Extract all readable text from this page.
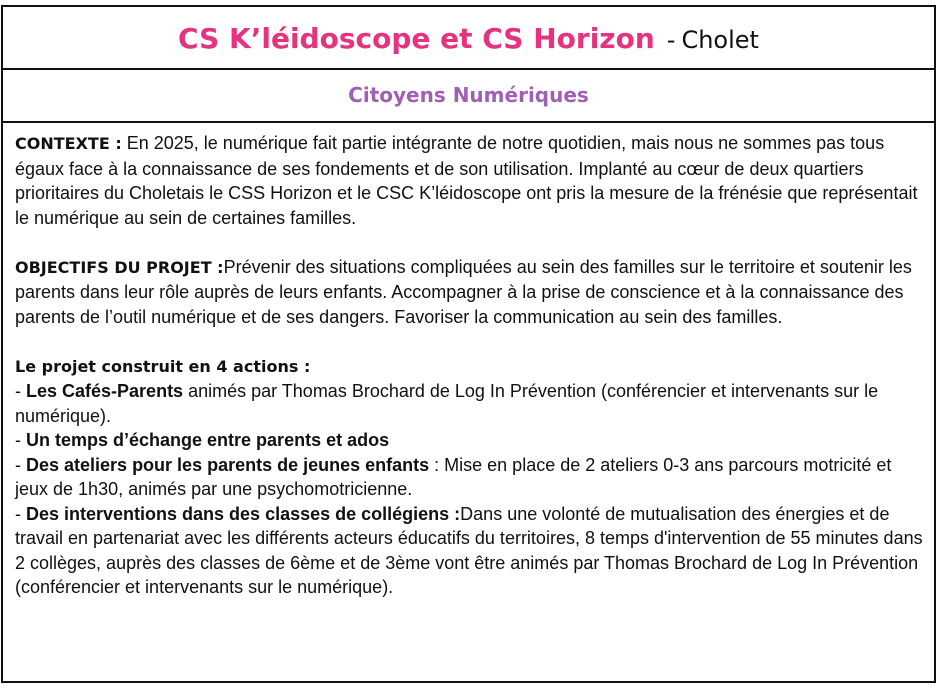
CS K’léidoscope et CS Horizon - Cholet
Citoyens Numériques

CONTEXTE : En 2025, le numérique fait partie intégrante de notre quotidien, mais nous ne sommes pas tous égaux face à la connaissance de ses fondements et de son utilisation. Implanté au cœur de deux quartiers prioritaires du Choletais le CSS Horizon et le CSC K’léidoscope ont pris la mesure de la frénésie que représentait le numérique au sein de certaines familles.

OBJECTIFS DU PROJET :Prévenir des situations compliquées au sein des familles sur le territoire et soutenir les parents dans leur rôle auprès de leurs enfants. Accompagner à la prise de conscience et à la connaissance des parents de l’outil numérique et de ses dangers. Favoriser la communication au sein des familles.

Le projet construit en 4 actions :

- Les Cafés-Parents animés par Thomas Brochard de Log In Prévention (conférencier et intervenants sur le numérique).

- Un temps d’échange entre parents et ados

- Des ateliers pour les parents de jeunes enfants : Mise en place de 2 ateliers 0-3 ans parcours motricité et jeux de 1h30, animés par une psychomotricienne.

- Des interventions dans des classes de collégiens :Dans une volonté de mutualisation des énergies et de travail en partenariat avec les différents acteurs éducatifs du territoires, 8 temps d'intervention de 55 minutes dans 2 collèges, auprès des classes de 6ème et de 3ème vont être animés par Thomas Brochard de Log In Prévention (conférencier et intervenants sur le numérique).
